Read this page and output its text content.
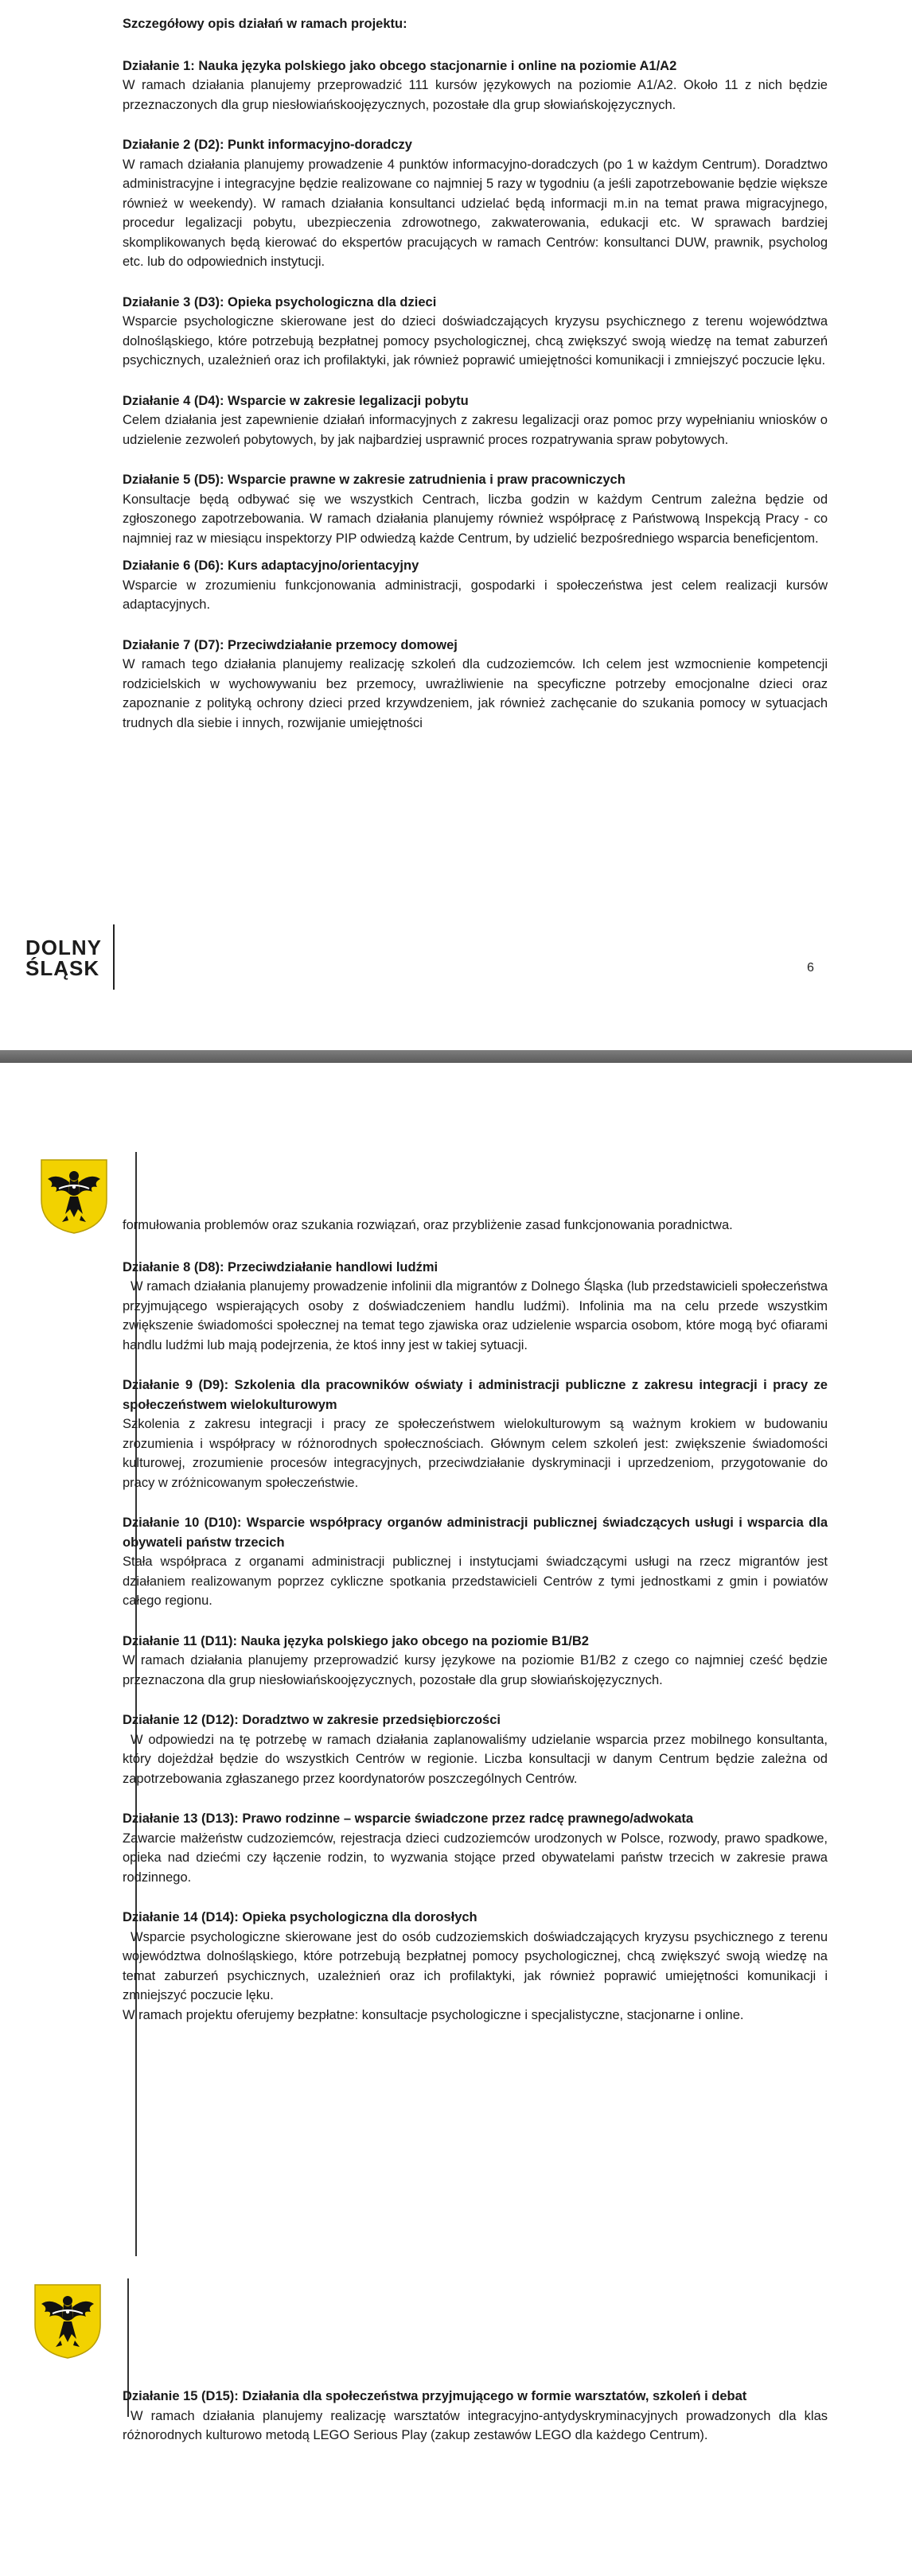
Szczegółowy opis działań w ramach projektu:

Działanie 1: Nauka języka polskiego jako obcego stacjonarnie i online na poziomie A1/A2

W ramach działania planujemy przeprowadzić 111 kursów językowych na poziomie A1/A2. Około 11 z nich będzie przeznaczonych dla grup niesłowiańskoojęzycznych, pozostałe dla grup słowiańskojęzycznych.

Działanie 2 (D2): Punkt informacyjno-doradczy

W ramach działania planujemy prowadzenie 4 punktów informacyjno-doradczych (po 1 w każdym Centrum). Doradztwo administracyjne i integracyjne będzie realizowane co najmniej 5 razy w tygodniu (a jeśli zapotrzebowanie będzie większe również w weekendy). W ramach działania konsultanci udzielać będą informacji m.in na temat prawa migracyjnego, procedur legalizacji pobytu, ubezpieczenia zdrowotnego, zakwaterowania, edukacji etc. W sprawach bardziej skomplikowanych będą kierować do ekspertów pracujących w ramach Centrów: konsultanci DUW, prawnik, psycholog etc. lub do odpowiednich instytucji.

Działanie 3 (D3): Opieka psychologiczna dla dzieci

Wsparcie psychologiczne skierowane jest do dzieci doświadczających kryzysu psychicznego z terenu województwa dolnośląskiego, które potrzebują bezpłatnej pomocy psychologicznej, chcą zwiększyć swoją wiedzę na temat zaburzeń psychicznych, uzależnień oraz ich profilaktyki, jak również poprawić umiejętności komunikacji i zmniejszyć poczucie lęku.

Działanie 4 (D4): Wsparcie w zakresie legalizacji pobytu

Celem działania jest zapewnienie działań informacyjnych z zakresu legalizacji oraz pomoc przy wypełnianiu wniosków o udzielenie zezwoleń pobytowych, by jak najbardziej usprawnić proces rozpatrywania spraw pobytowych.

Działanie 5 (D5): Wsparcie prawne w zakresie zatrudnienia i praw pracowniczych

Konsultacje będą odbywać się we wszystkich Centrach, liczba godzin w każdym Centrum zależna będzie od zgłoszonego zapotrzebowania. W ramach działania planujemy również współpracę z Państwową Inspekcją Pracy - co najmniej raz w miesiącu inspektorzy PIP odwiedzą każde Centrum, by udzielić bezpośredniego wsparcia beneficjentom.

Działanie 6 (D6): Kurs adaptacyjno/orientacyjny

Wsparcie w zrozumieniu funkcjonowania administracji, gospodarki i społeczeństwa jest celem realizacji kursów adaptacyjnych.

Działanie 7 (D7): Przeciwdziałanie przemocy domowej

W ramach tego działania planujemy realizację szkoleń dla cudzoziemców. Ich celem jest wzmocnienie kompetencji rodzicielskich w wychowywaniu bez przemocy, uwrażliwienie na specyficzne potrzeby emocjonalne dzieci oraz zapoznanie z polityką ochrony dzieci przed krzywdzeniem, jak również zachęcanie do szukania pomocy w sytuacjach trudnych dla siebie i innych, rozwijanie umiejętności

DOLNY
ŚLĄSK	6

formułowania problemów oraz szukania rozwiązań, oraz przybliżenie zasad funkcjonowania poradnictwa.

Działanie 8 (D8): Przeciwdziałanie handlowi ludźmi

W ramach działania planujemy prowadzenie infolinii dla migrantów z Dolnego Śląska (lub przedstawicieli społeczeństwa przyjmującego wspierających osoby z doświadczeniem handlu ludźmi). Infolinia ma na celu przede wszystkim zwiększenie świadomości społecznej na temat tego zjawiska oraz udzielenie wsparcia osobom, które mogą być ofiarami handlu ludźmi lub mają podejrzenia, że ktoś inny jest w takiej sytuacji.

Działanie 9 (D9): Szkolenia dla pracowników oświaty i administracji publiczne z zakresu integracji i pracy ze społeczeństwem wielokulturowym

Szkolenia z zakresu integracji i pracy ze społeczeństwem wielokulturowym są ważnym krokiem w budowaniu zrozumienia i współpracy w różnorodnych społecznościach. Głównym celem szkoleń jest: zwiększenie świadomości kulturowej, zrozumienie procesów integracyjnych, przeciwdziałanie dyskryminacji i uprzedzeniom, przygotowanie do pracy w zróżnicowanym społeczeństwie.

Działanie 10 (D10): Wsparcie współpracy organów administracji publicznej świadczących usługi i wsparcia dla obywateli państw trzecich

Stała współpraca z organami administracji publicznej i instytucjami świadczącymi usługi na rzecz migrantów jest działaniem realizowanym poprzez cykliczne spotkania przedstawicieli Centrów z tymi jednostkami z gmin i powiatów całego regionu.

Działanie 11 (D11): Nauka języka polskiego jako obcego na poziomie B1/B2

W ramach działania planujemy przeprowadzić kursy językowe na poziomie B1/B2 z czego co najmniej cześć będzie przeznaczona dla grup niesłowiańskoojęzycznych, pozostałe dla grup słowiańskojęzycznych.

Działanie 12 (D12): Doradztwo w zakresie przedsiębiorczości

W odpowiedzi na tę potrzebę w ramach działania zaplanowaliśmy udzielanie wsparcia przez mobilnego konsultanta, który dojeżdżał będzie do wszystkich Centrów w regionie. Liczba konsultacji w danym Centrum będzie zależna od zapotrzebowania zgłaszanego przez koordynatorów poszczególnych Centrów.

Działanie 13 (D13): Prawo rodzinne – wsparcie świadczone przez radcę prawnego/adwokata

Zawarcie małżeństw cudzoziemców, rejestracja dzieci cudzoziemców urodzonych w Polsce, rozwody, prawo spadkowe, opieka nad dziećmi czy łączenie rodzin, to wyzwania stojące przed obywatelami państw trzecich w zakresie prawa rodzinnego.

Działanie 14 (D14): Opieka psychologiczna dla dorosłych

Wsparcie psychologiczne skierowane jest do osób cudzoziemskich doświadczających kryzysu psychicznego z terenu województwa dolnośląskiego, które potrzebują bezpłatnej pomocy psychologicznej, chcą zwiększyć swoją wiedzę na temat zaburzeń psychicznych, uzależnień oraz ich profilaktyki, jak również poprawić umiejętności komunikacji i zmniejszyć poczucie lęku.

W ramach projektu oferujemy bezpłatne: konsultacje psychologiczne i specjalistyczne, stacjonarne i online.

Działanie 15 (D15): Działania dla społeczeństwa przyjmującego w formie warsztatów, szkoleń i debat

W ramach działania planujemy realizację warsztatów integracyjno-antydyskryminacyjnych prowadzonych dla klas różnorodnych kulturowo metodą LEGO Serious Play (zakup zestawów LEGO dla każdego Centrum).
